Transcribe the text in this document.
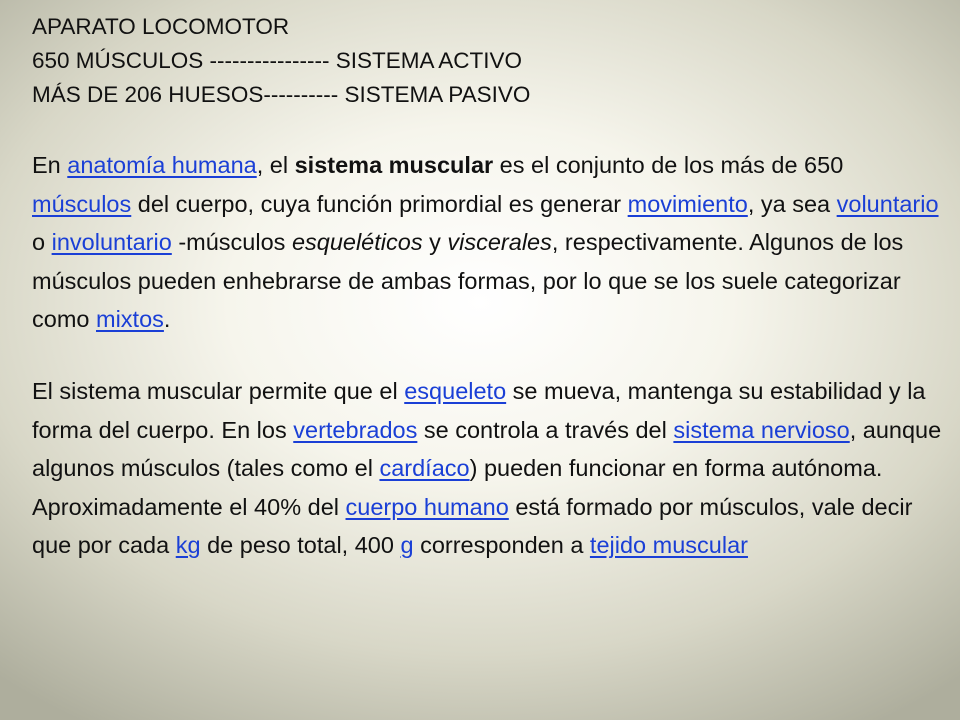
APARATO LOCOMOTOR
650 MÚSCULOS ---------------- SISTEMA ACTIVO
MÁS DE 206 HUESOS---------- SISTEMA PASIVO

En anatomía humana, el sistema muscular es el conjunto de los más de 650 músculos del cuerpo, cuya función primordial es generar movimiento, ya sea voluntario o involuntario -músculos esqueléticos y viscerales, respectivamente. Algunos de los músculos pueden enhebrarse de ambas formas, por lo que se los suele categorizar como mixtos.

El sistema muscular permite que el esqueleto se mueva, mantenga su estabilidad y la forma del cuerpo. En los vertebrados se controla a través del sistema nervioso, aunque algunos músculos (tales como el cardíaco) pueden funcionar en forma autónoma. Aproximadamente el 40% del cuerpo humano está formado por músculos, vale decir que por cada kg de peso total, 400 g corresponden a tejido muscular
